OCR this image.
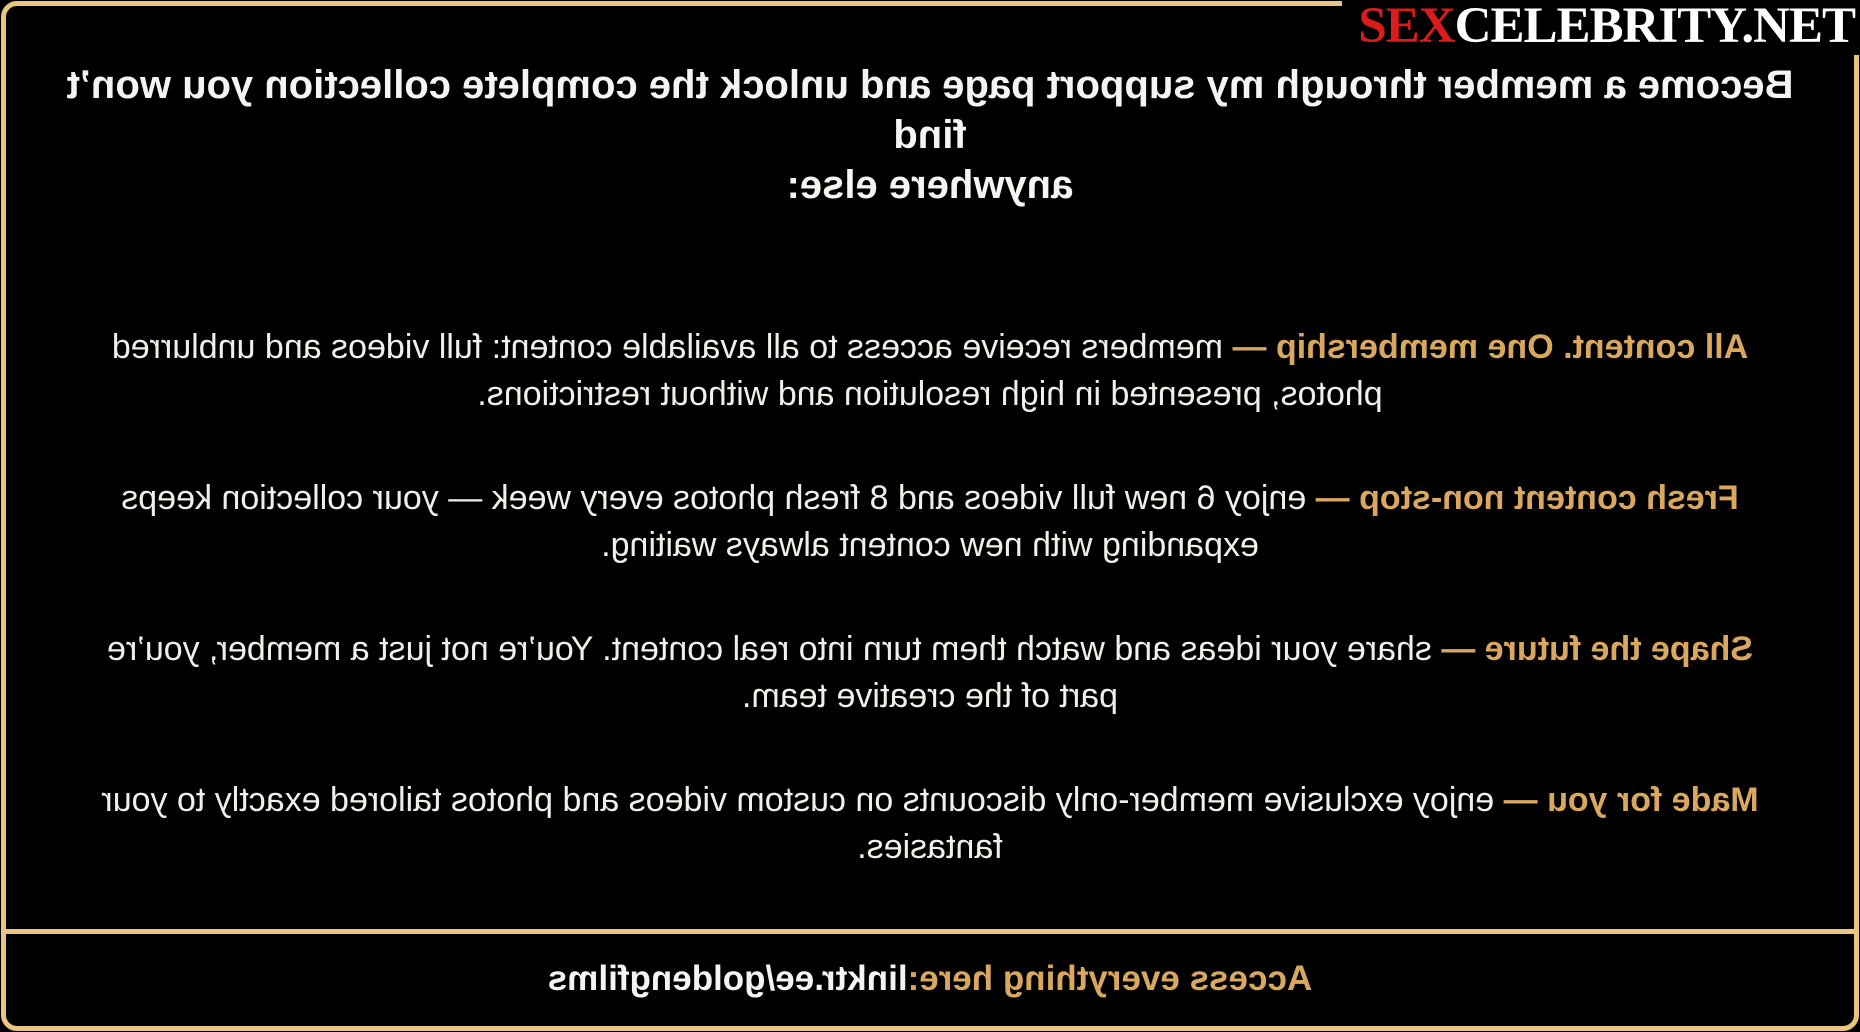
Become a member through my support page and unlock the complete collection you won’t find
anywhere else:

All content. One membership — members receive access to all available content: full videos and unblurred photos, presented in high resolution and without restrictions.

Fresh content non-stop — enjoy 6 new full videos and 8 fresh photos every week — your collection keeps expanding with new content always waiting.

Shape the future — share your ideas and watch them turn into real content. You’re not just a member, you’re part of the creative team.

Made for you — enjoy exclusive member-only discounts on custom videos and photos tailored exactly to your fantasies.

Access everything here:
linktr.ee/goldengfilms
SEXCELEBRITY.NET
